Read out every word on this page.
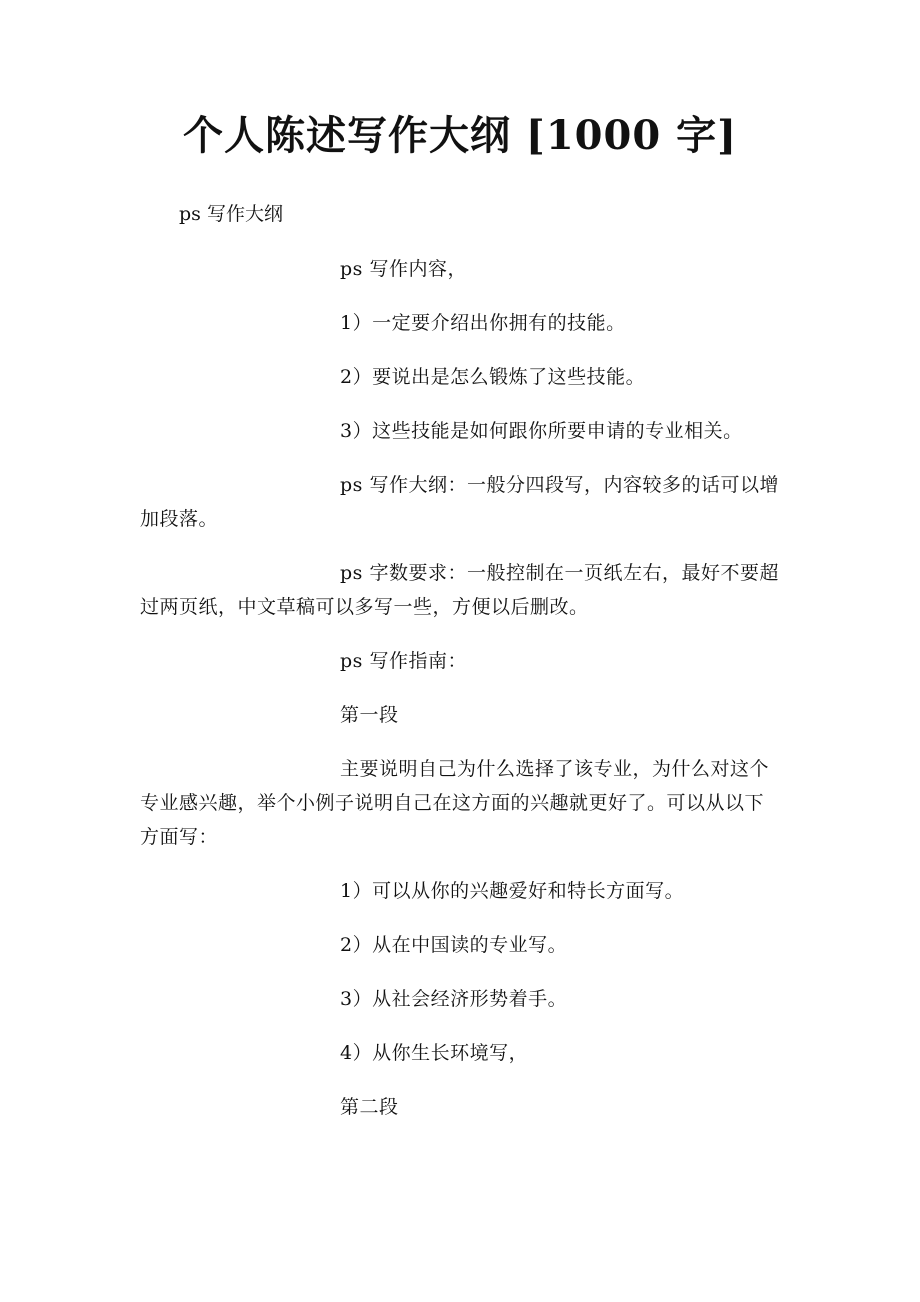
个人陈述写作大纲 [1000 字]
ps 写作大纲

ps 写作内容，

1）一定要介绍出你拥有的技能。

2）要说出是怎么锻炼了这些技能。

3）这些技能是如何跟你所要申请的专业相关。

ps 写作大纲：一般分四段写，内容较多的话可以增加段落。

ps 字数要求：一般控制在一页纸左右，最好不要超过两页纸，中文草稿可以多写一些，方便以后删改。

ps 写作指南：

第一段

主要说明自己为什么选择了该专业，为什么对这个专业感兴趣，举个小例子说明自己在这方面的兴趣就更好了。可以从以下方面写：

1）可以从你的兴趣爱好和特长方面写。

2）从在中国读的专业写。

3）从社会经济形势着手。

4）从你生长环境写，

第二段
